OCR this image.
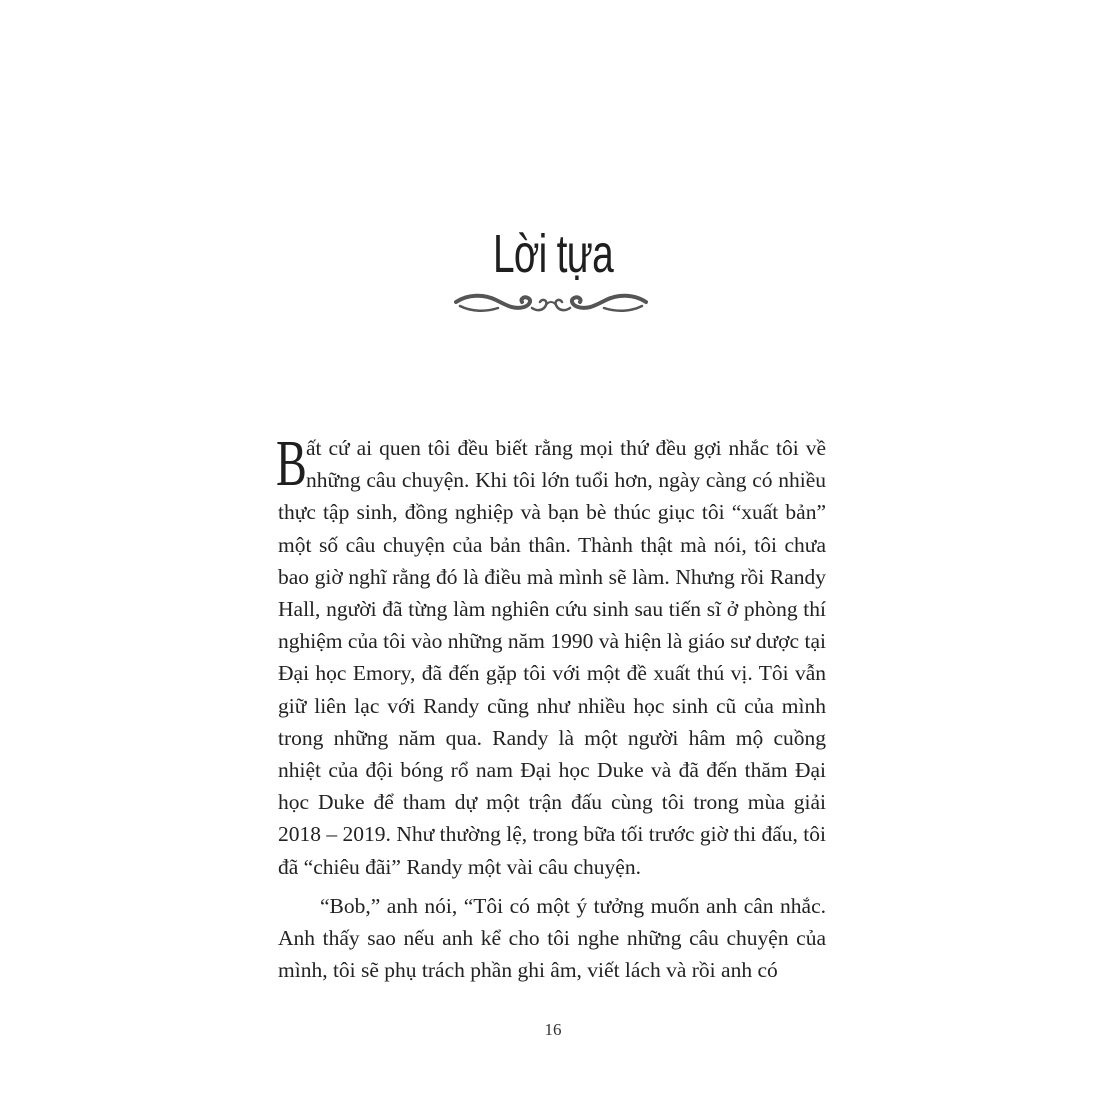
Lời tựa

Bất cứ ai quen tôi đều biết rằng mọi thứ đều gợi nhắc tôi về những câu chuyện. Khi tôi lớn tuổi hơn, ngày càng có nhiều thực tập sinh, đồng nghiệp và bạn bè thúc giục tôi “xuất bản” một số câu chuyện của bản thân. Thành thật mà nói, tôi chưa bao giờ nghĩ rằng đó là điều mà mình sẽ làm. Nhưng rồi Randy Hall, người đã từng làm nghiên cứu sinh sau tiến sĩ ở phòng thí nghiệm của tôi vào những năm 1990 và hiện là giáo sư dược tại Đại học Emory, đã đến gặp tôi với một đề xuất thú vị. Tôi vẫn giữ liên lạc với Randy cũng như nhiều học sinh cũ của mình trong những năm qua. Randy là một người hâm mộ cuồng nhiệt của đội bóng rổ nam Đại học Duke và đã đến thăm Đại học Duke để tham dự một trận đấu cùng tôi trong mùa giải 2018 – 2019. Như thường lệ, trong bữa tối trước giờ thi đấu, tôi đã “chiêu đãi” Randy một vài câu chuyện.

“Bob,” anh nói, “Tôi có một ý tưởng muốn anh cân nhắc. Anh thấy sao nếu anh kể cho tôi nghe những câu chuyện của mình, tôi sẽ phụ trách phần ghi âm, viết lách và rồi anh có

16
